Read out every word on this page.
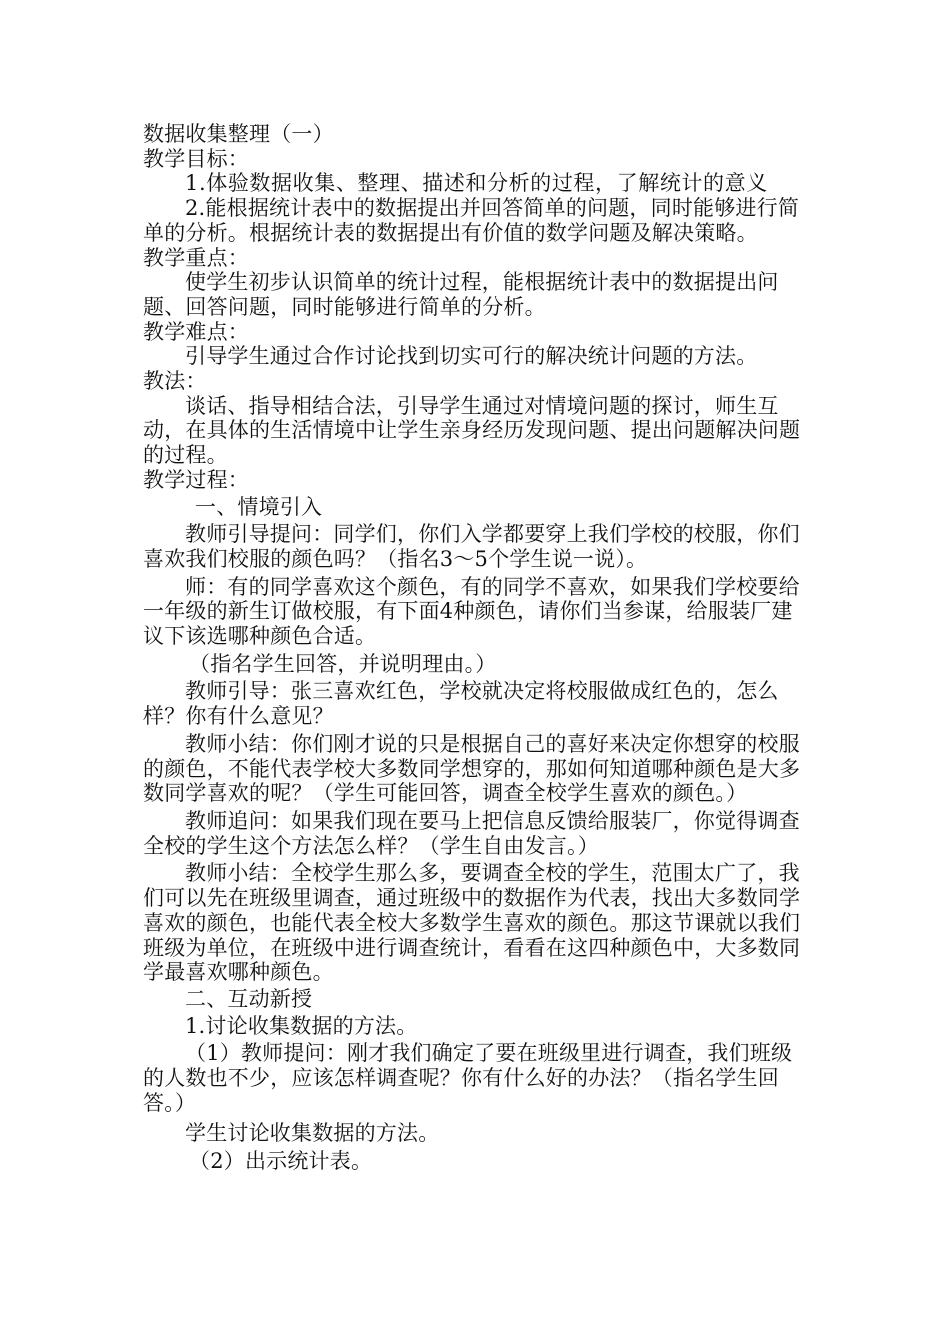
数据收集整理（一）
教学目标：
1.体验数据收集、整理、描述和分析的过程，了解统计的意义
2.能根据统计表中的数据提出并回答简单的问题，同时能够进行简单的分析。根据统计表的数据提出有价值的数学问题及解决策略。
教学重点：
使学生初步认识简单的统计过程，能根据统计表中的数据提出问题、回答问题，同时能够进行简单的分析。
教学难点：
引导学生通过合作讨论找到切实可行的解决统计问题的方法。
教法：
谈话、指导相结合法，引导学生通过对情境问题的探讨，师生互动，在具体的生活情境中让学生亲身经历发现问题、提出问题解决问题的过程。
教学过程：
一、情境引入
教师引导提问：同学们，你们入学都要穿上我们学校的校服，你们喜欢我们校服的颜色吗？（指名3～5个学生说一说）。
师：有的同学喜欢这个颜色，有的同学不喜欢，如果我们学校要给一年级的新生订做校服，有下面4种颜色，请你们当参谋，给服装厂建议下该选哪种颜色合适。
（指名学生回答，并说明理由。）
教师引导：张三喜欢红色，学校就决定将校服做成红色的，怎么样？你有什么意见？
教师小结：你们刚才说的只是根据自己的喜好来决定你想穿的校服的颜色，不能代表学校大多数同学想穿的，那如何知道哪种颜色是大多数同学喜欢的呢？（学生可能回答，调查全校学生喜欢的颜色。）
教师追问：如果我们现在要马上把信息反馈给服装厂，你觉得调查全校的学生这个方法怎么样？（学生自由发言。）
教师小结：全校学生那么多，要调查全校的学生，范围太广了，我们可以先在班级里调查，通过班级中的数据作为代表，找出大多数同学喜欢的颜色，也能代表全校大多数学生喜欢的颜色。那这节课就以我们班级为单位，在班级中进行调查统计，看看在这四种颜色中，大多数同学最喜欢哪种颜色。
二、互动新授
1.讨论收集数据的方法。
（1）教师提问：刚才我们确定了要在班级里进行调查，我们班级的人数也不少，应该怎样调查呢？你有什么好的办法？（指名学生回答。）
学生讨论收集数据的方法。
（2）出示统计表。
